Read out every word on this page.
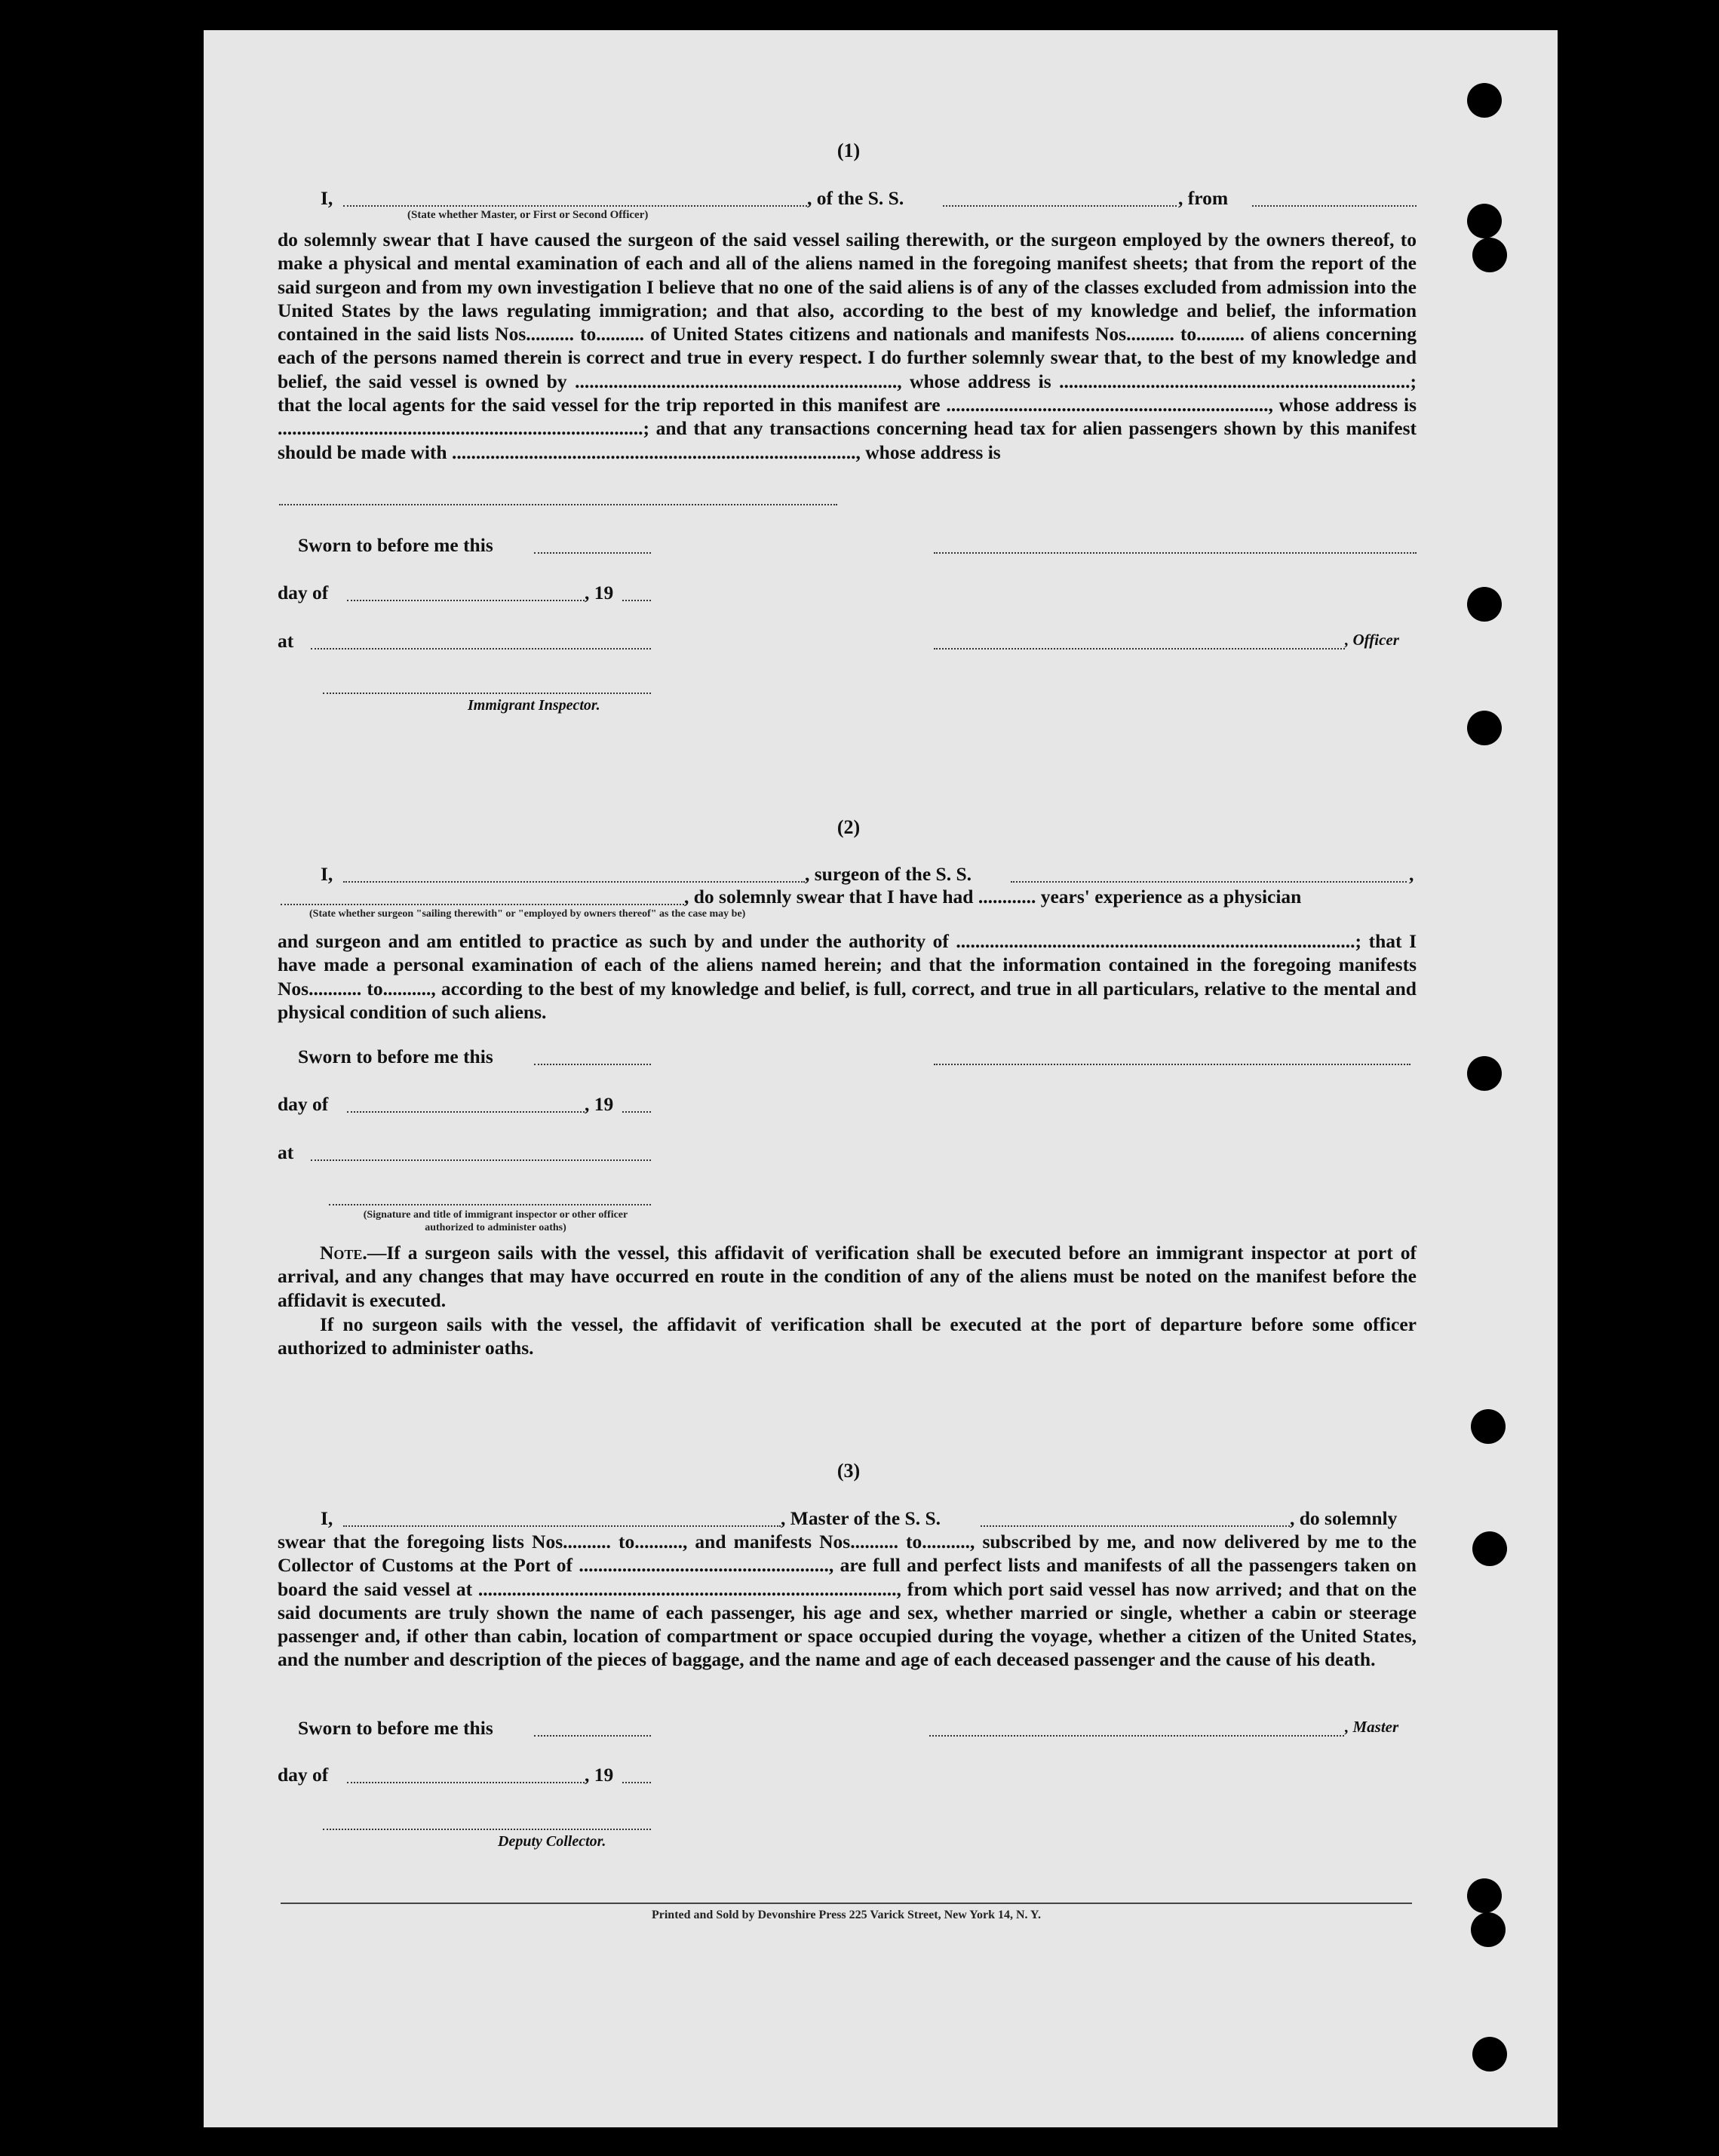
(1)
I,	, of the S. S.	, from
(State whether Master, or First or Second Officer)
do solemnly swear that I have caused the surgeon of the said vessel sailing therewith, or the surgeon employed by the owners thereof, to make a physical and mental examination of each and all of the aliens named in the foregoing manifest sheets; that from the report of the said surgeon and from my own investigation I believe that no one of the said aliens is of any of the classes excluded from admission into the United States by the laws regulating immigration; and that also, according to the best of my knowledge and belief, the information contained in the said lists Nos.......... to.......... of United States citizens and nationals and manifests Nos.......... to.......... of aliens concerning each of the persons named therein is correct and true in every respect. I do further solemnly swear that, to the best of my knowledge and belief, the said vessel is owned by ..................................................................., whose address is .........................................................................; that the local agents for the said vessel for the trip reported in this manifest are ..................................................................., whose address is ............................................................................; and that any transactions concerning head tax for alien passengers shown by this manifest should be made with ...................................................................................., whose address is
Sworn to before me this
day of	, 19
at	, Officer
Immigrant Inspector.
(2)
I,	, surgeon of the S. S.	,
, do solemnly swear that I have had ............ years' experience as a physician
(State whether surgeon "sailing therewith" or "employed by owners thereof" as the case may be)
and surgeon and am entitled to practice as such by and under the authority of ...................................................................................; that I have made a personal examination of each of the aliens named herein; and that the information contained in the foregoing manifests Nos........... to.........., according to the best of my knowledge and belief, is full, correct, and true in all particulars, relative to the mental and physical condition of such aliens.
Sworn to before me this
day of	, 19
at
(Signature and title of immigrant inspector or other officer authorized to administer oaths)
Note.—If a surgeon sails with the vessel, this affidavit of verification shall be executed before an immigrant inspector at port of arrival, and any changes that may have occurred en route in the condition of any of the aliens must be noted on the manifest before the affidavit is executed.
If no surgeon sails with the vessel, the affidavit of verification shall be executed at the port of departure before some officer authorized to administer oaths.
(3)
I,	, Master of the S. S.	, do solemnly
swear that the foregoing lists Nos.......... to.........., and manifests Nos.......... to.........., subscribed by me, and now delivered by me to the Collector of Customs at the Port of ...................................................., are full and perfect lists and manifests of all the passengers taken on board the said vessel at ......................................................................................., from which port said vessel has now arrived; and that on the said documents are truly shown the name of each passenger, his age and sex, whether married or single, whether a cabin or steerage passenger and, if other than cabin, location of compartment or space occupied during the voyage, whether a citizen of the United States, and the number and description of the pieces of baggage, and the name and age of each deceased passenger and the cause of his death.
Sworn to before me this	, Master
day of	, 19
Deputy Collector.
Printed and Sold by Devonshire Press 225 Varick Street, New York 14, N. Y.
